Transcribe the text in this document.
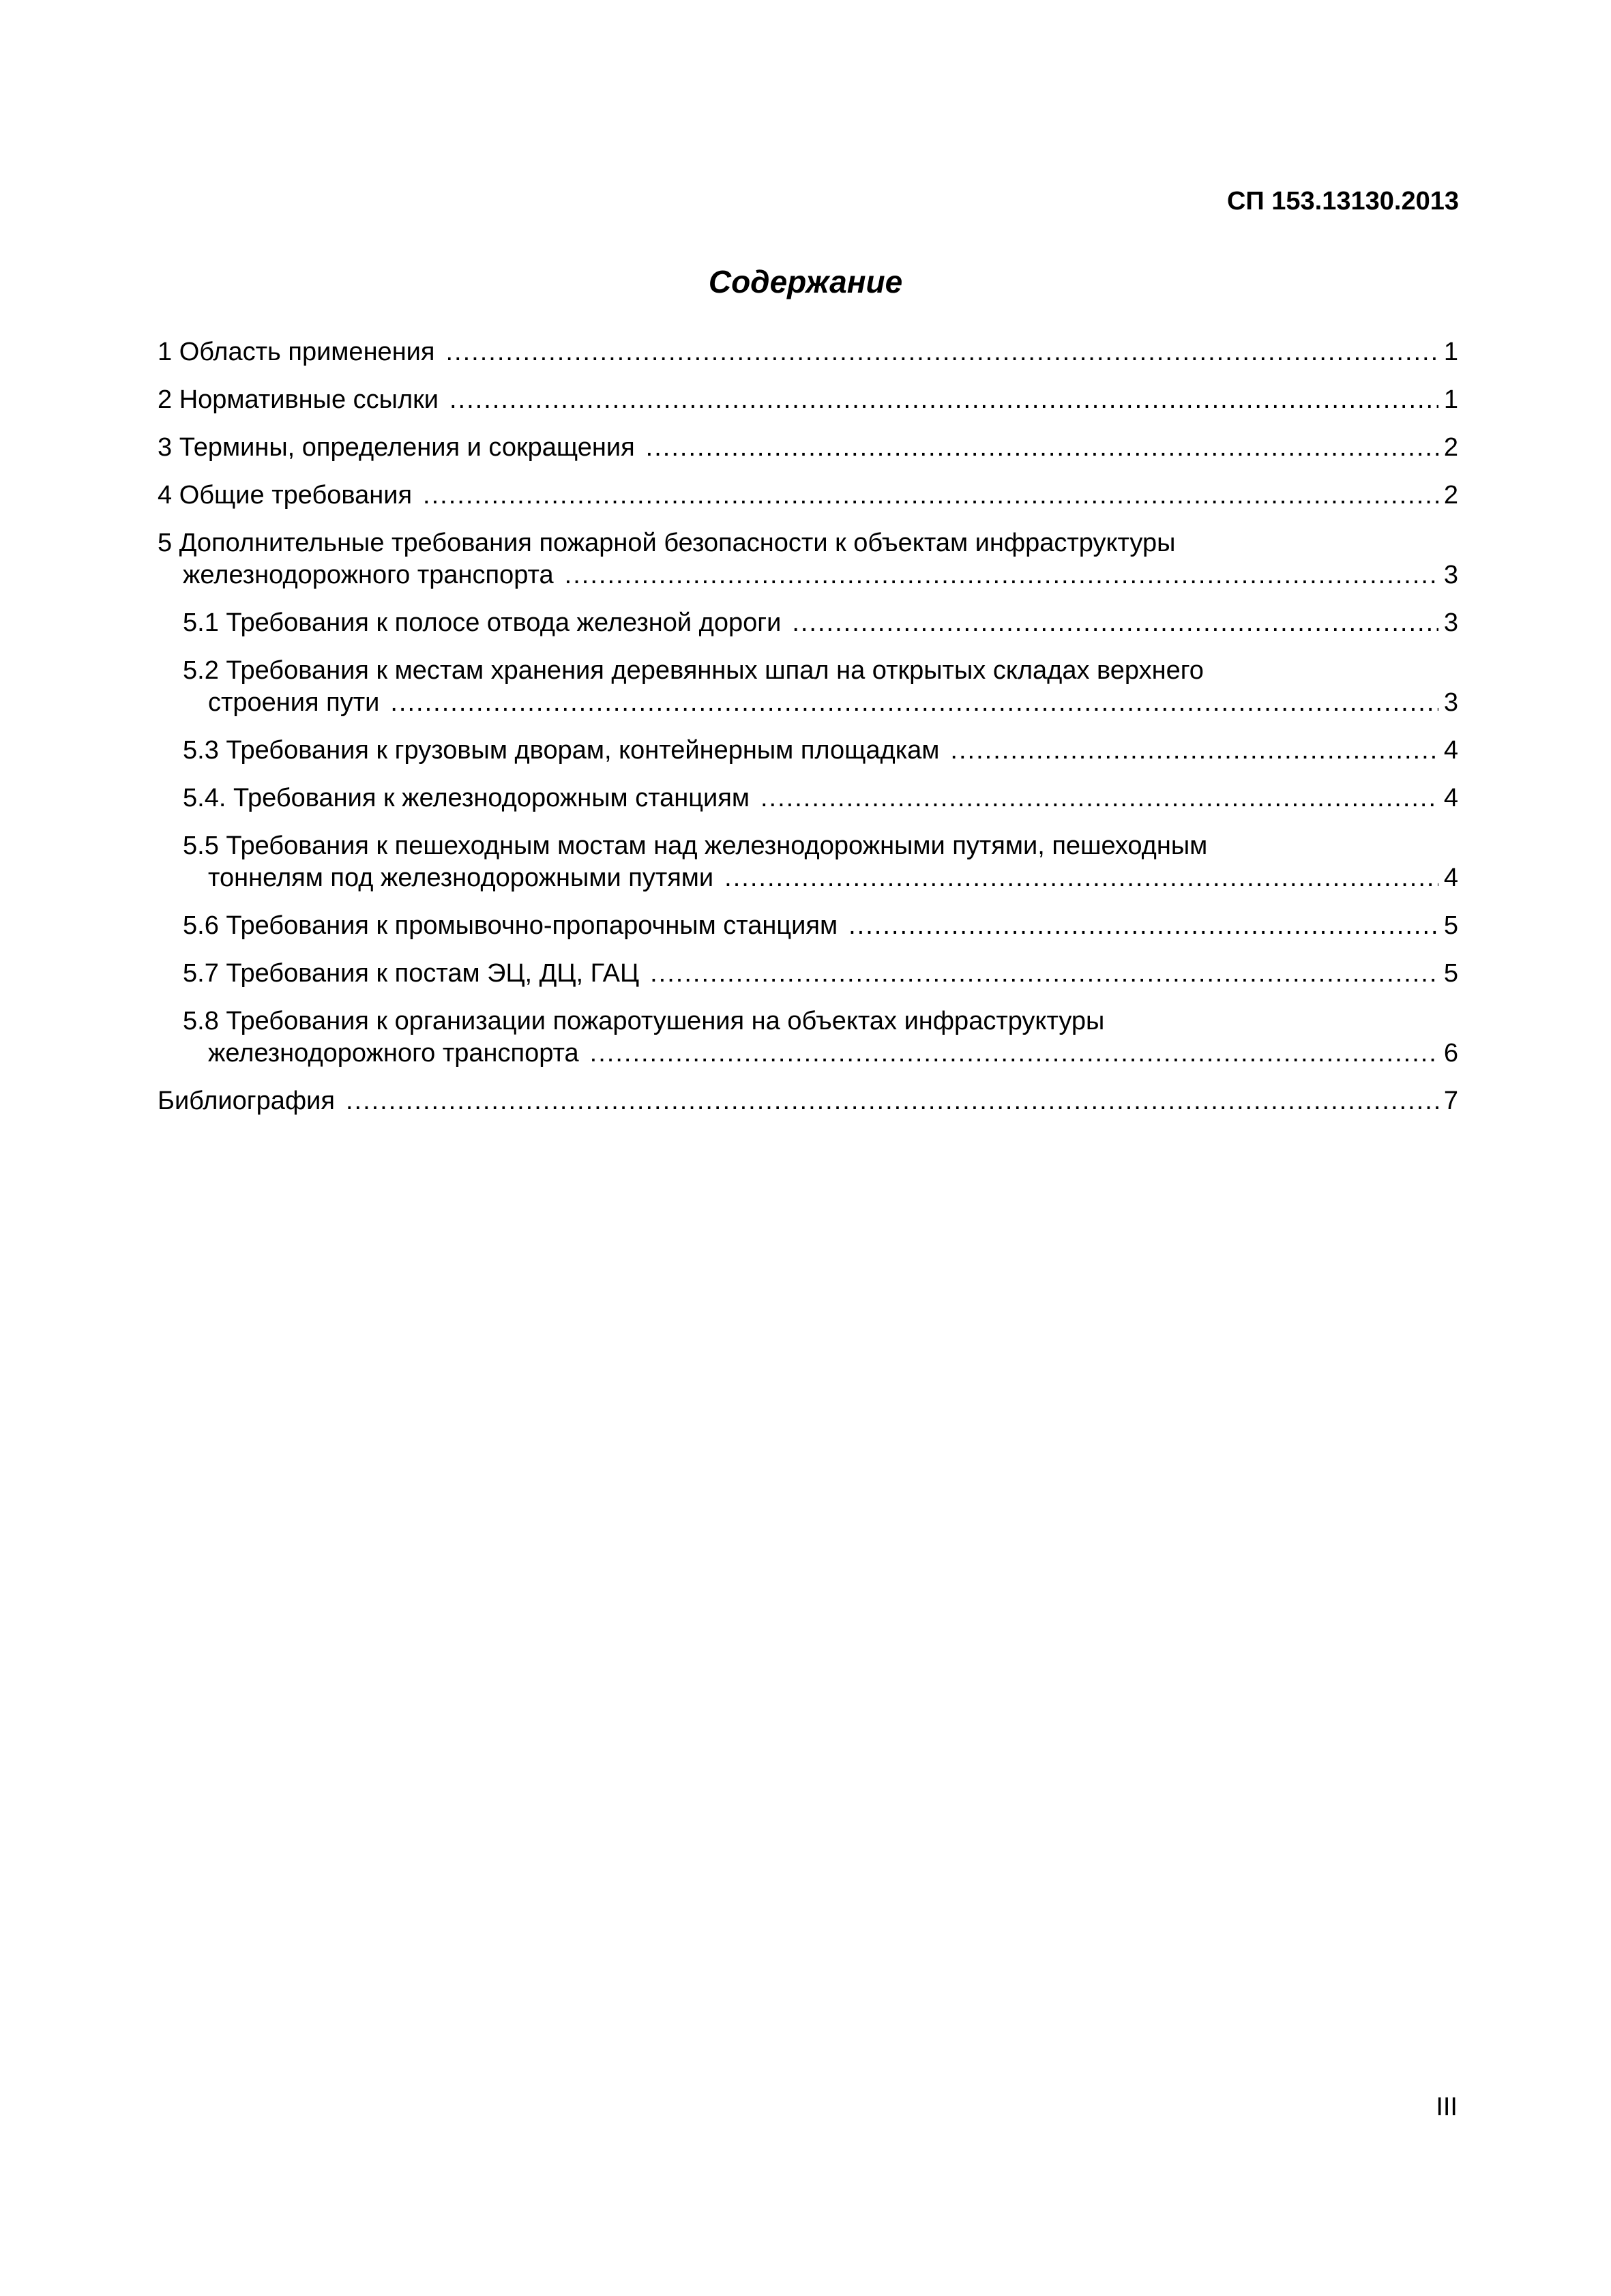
СП 153.13130.2013
Содержание
1 Область применения .....	1
2 Нормативные ссылки .....	1
3 Термины, определения и сокращения .....	2
4 Общие требования .....	2
5 Дополнительные требования пожарной безопасности к объектам инфраструктуры
железнодорожного транспорта .....	3
5.1 Требования к полосе отвода железной дороги .....	3
5.2 Требования к местам хранения деревянных шпал на открытых складах верхнего
строения пути .....	3
5.3 Требования к грузовым дворам, контейнерным площадкам .....	4
5.4. Требования к железнодорожным станциям .....	4
5.5 Требования к пешеходным мостам над железнодорожными путями, пешеходным
тоннелям под железнодорожными путями .....	4
5.6 Требования к промывочно-пропарочным станциям .....	5
5.7 Требования к постам ЭЦ, ДЦ, ГАЦ .....	5
5.8 Требования к организации пожаротушения на объектах инфраструктуры
железнодорожного транспорта .....	6
Библиография .....	7
III
